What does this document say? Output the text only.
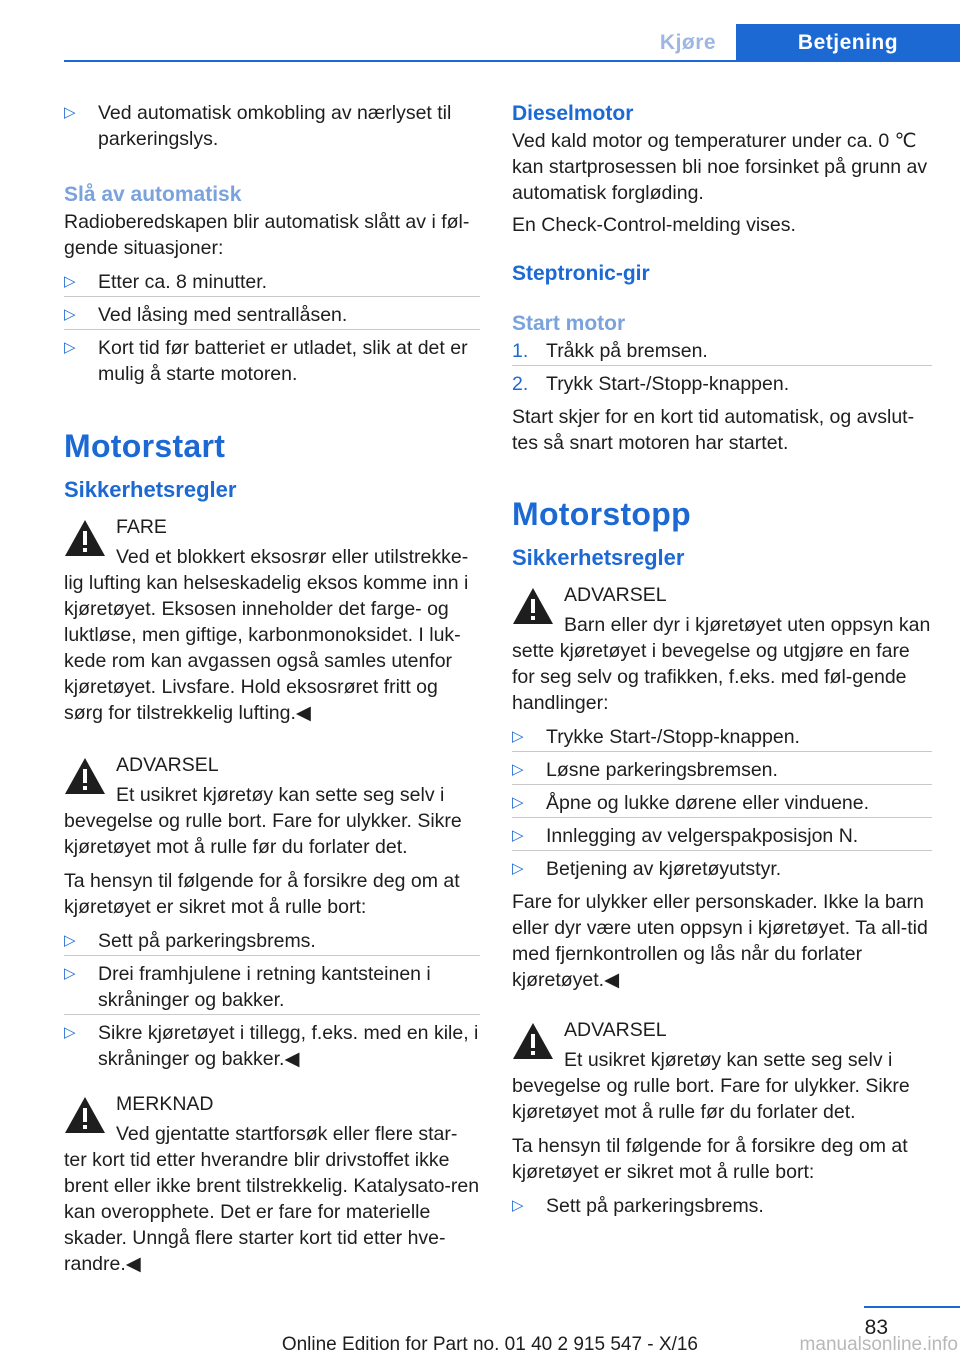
Kjøre	Betjening
▷	Ved automatisk omkobling av nærlyset til parkeringslys.
Slå av automatisk

Radioberedskapen blir automatisk slått av i føl-gende situasjoner:

▷	Etter ca. 8 minutter.
▷	Ved låsing med sentrallåsen.
▷	Kort tid før batteriet er utladet, slik at det er mulig å starte motoren.
Motorstart
Sikkerhetsregler

FARE

Ved et blokkert eksosrør eller utilstrekke-lig lufting kan helseskadelig eksos komme inn i kjøretøyet. Eksosen inneholder det farge- og luktløse, men giftige, karbonmonoksidet. I luk-kede rom kan avgassen også samles utenfor kjøretøyet. Livsfare. Hold eksosrøret fritt og sørg for tilstrekkelig lufting.◀

ADVARSEL

Et usikret kjøretøy kan sette seg selv i bevegelse og rulle bort. Fare for ulykker. Sikre kjøretøyet mot å rulle før du forlater det.

Ta hensyn til følgende for å forsikre deg om at kjøretøyet er sikret mot å rulle bort:

▷	Sett på parkeringsbrems.
▷	Drei framhjulene i retning kantsteinen i skråninger og bakker.
▷	Sikre kjøretøyet i tillegg, f.eks. med en kile, i skråninger og bakker.◀

MERKNAD

Ved gjentatte startforsøk eller flere star-ter kort tid etter hverandre blir drivstoffet ikke brent eller ikke brent tilstrekkelig. Katalysato-ren kan overopphete. Det er fare for materielle skader. Unngå flere starter kort tid etter hve-randre.◀

Dieselmotor

Ved kald motor og temperaturer under ca. 0 ℃ kan startprosessen bli noe forsinket på grunn av automatisk forgløding.

En Check-Control-melding vises.

Steptronic-gir
Start motor
1. Tråkk på bremsen.
2. Trykk Start-/Stopp-knappen.

Start skjer for en kort tid automatisk, og avslut-tes så snart motoren har startet.

Motorstopp
Sikkerhetsregler

ADVARSEL

Barn eller dyr i kjøretøyet uten oppsyn kan sette kjøretøyet i bevegelse og utgjøre en fare for seg selv og trafikken, f.eks. med føl-gende handlinger:

▷	Trykke Start-/Stopp-knappen.
▷	Løsne parkeringsbremsen.
▷	Åpne og lukke dørene eller vinduene.
▷	Innlegging av velgerspakposisjon N.
▷	Betjening av kjøretøyutstyr.

Fare for ulykker eller personskader. Ikke la barn eller dyr være uten oppsyn i kjøretøyet. Ta all-tid med fjernkontrollen og lås når du forlater kjøretøyet.◀

ADVARSEL

Et usikret kjøretøy kan sette seg selv i bevegelse og rulle bort. Fare for ulykker. Sikre kjøretøyet mot å rulle før du forlater det.

Ta hensyn til følgende for å forsikre deg om at kjøretøyet er sikret mot å rulle bort:

▷	Sett på parkeringsbrems.
83
Online Edition for Part no. 01 40 2 915 547 - X/16	manualsonline.info
